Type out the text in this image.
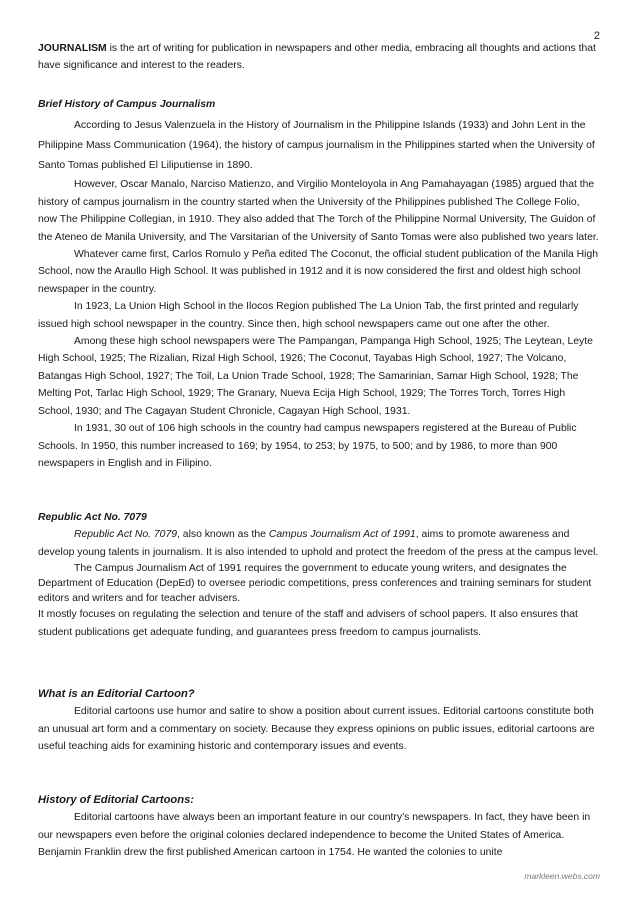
2

JOURNALISM is the art of writing for publication in newspapers and other media, embracing all thoughts and actions that have significance and interest to the readers.

Brief History of Campus Journalism

According to Jesus Valenzuela in the History of Journalism in the Philippine Islands (1933) and John Lent in the Philippine Mass Communication (1964), the history of campus journalism in the Philippines started when the University of Santo Tomas published El Liliputiense in 1890.

However, Oscar Manalo, Narciso Matienzo, and Virgilio Monteloyola in Ang Pamahayagan (1985) argued that the history of campus journalism in the country started when the University of the Philippines published The College Folio, now The Philippine Collegian, in 1910. They also added that The Torch of the Philippine Normal University, The Guidon of the Ateneo de Manila University, and The Varsitarian of the University of Santo Tomas were also published two years later.

Whatever came first, Carlos Romulo y Peña edited The Coconut, the official student publication of the Manila High School, now the Araullo High School. It was published in 1912 and it is now considered the first and oldest high school newspaper in the country.

In 1923, La Union High School in the Ilocos Region published The La Union Tab, the first printed and regularly issued high school newspaper in the country. Since then, high school newspapers came out one after the other.

Among these high school newspapers were The Pampangan, Pampanga High School, 1925; The Leytean, Leyte High School, 1925; The Rizalian, Rizal High School, 1926; The Coconut, Tayabas High School, 1927; The Volcano, Batangas High School, 1927; The Toil, La Union Trade School, 1928; The Samarinian, Samar High School, 1928; The Melting Pot, Tarlac High School, 1929; The Granary, Nueva Ecija High School, 1929; The Torres Torch, Torres High School, 1930; and The Cagayan Student Chronicle, Cagayan High School, 1931.

In 1931, 30 out of 106 high schools in the country had campus newspapers registered at the Bureau of Public Schools. In 1950, this number increased to 169; by 1954, to 253; by 1975, to 500; and by 1986, to more than 900 newspapers in English and in Filipino.

Republic Act No. 7079

Republic Act No. 7079, also known as the Campus Journalism Act of 1991, aims to promote awareness and develop young talents in journalism. It is also intended to uphold and protect the freedom of the press at the campus level.

The Campus Journalism Act of 1991 requires the government to educate young writers, and designates the Department of Education (DepEd) to oversee periodic competitions, press conferences and training seminars for student editors and writers and for teacher advisers.

It mostly focuses on regulating the selection and tenure of the staff and advisers of school papers. It also ensures that student publications get adequate funding, and guarantees press freedom to campus journalists.

What is an Editorial Cartoon?

Editorial cartoons use humor and satire to show a position about current issues. Editorial cartoons constitute both an unusual art form and a commentary on society. Because they express opinions on public issues, editorial cartoons are useful teaching aids for examining historic and contemporary issues and events.

History of Editorial Cartoons:

Editorial cartoons have always been an important feature in our country’s newspapers. In fact, they have been in our newspapers even before the original colonies declared independence to become the United States of America. Benjamin Franklin drew the first published American cartoon in 1754. He wanted the colonies to unite

markleen.webs.com
